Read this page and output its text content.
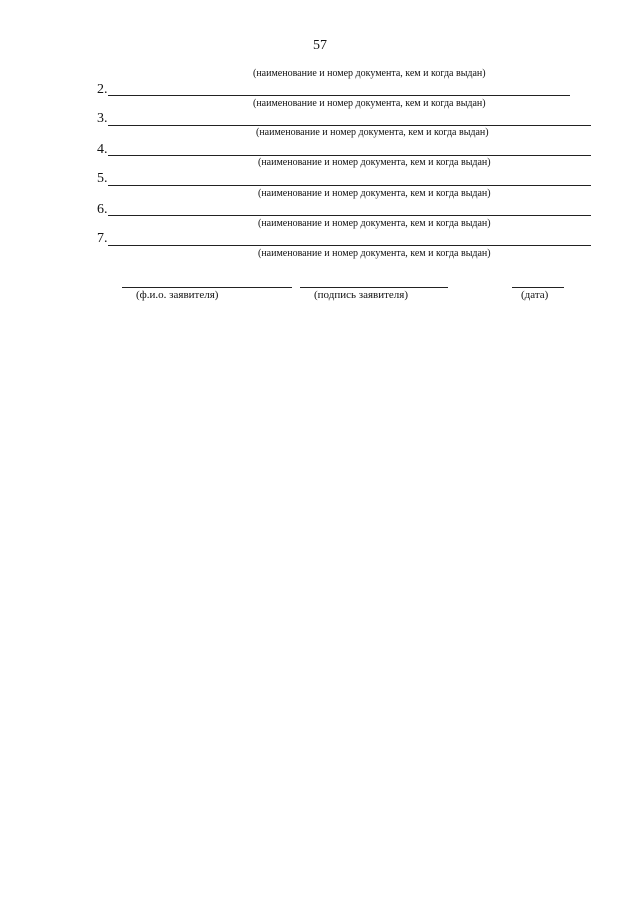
57
(наименование и номер документа, кем и когда выдан)
2.
(наименование и номер документа, кем и когда выдан)
3.
(наименование и номер документа, кем и когда выдан)
4.
(наименование и номер документа, кем и когда выдан)
5.
(наименование и номер документа, кем и когда выдан)
6.
(наименование и номер документа, кем и когда выдан)
7.
(наименование и номер документа, кем и когда выдан)
(ф.и.о. заявителя)	(подпись заявителя)	(дата)
